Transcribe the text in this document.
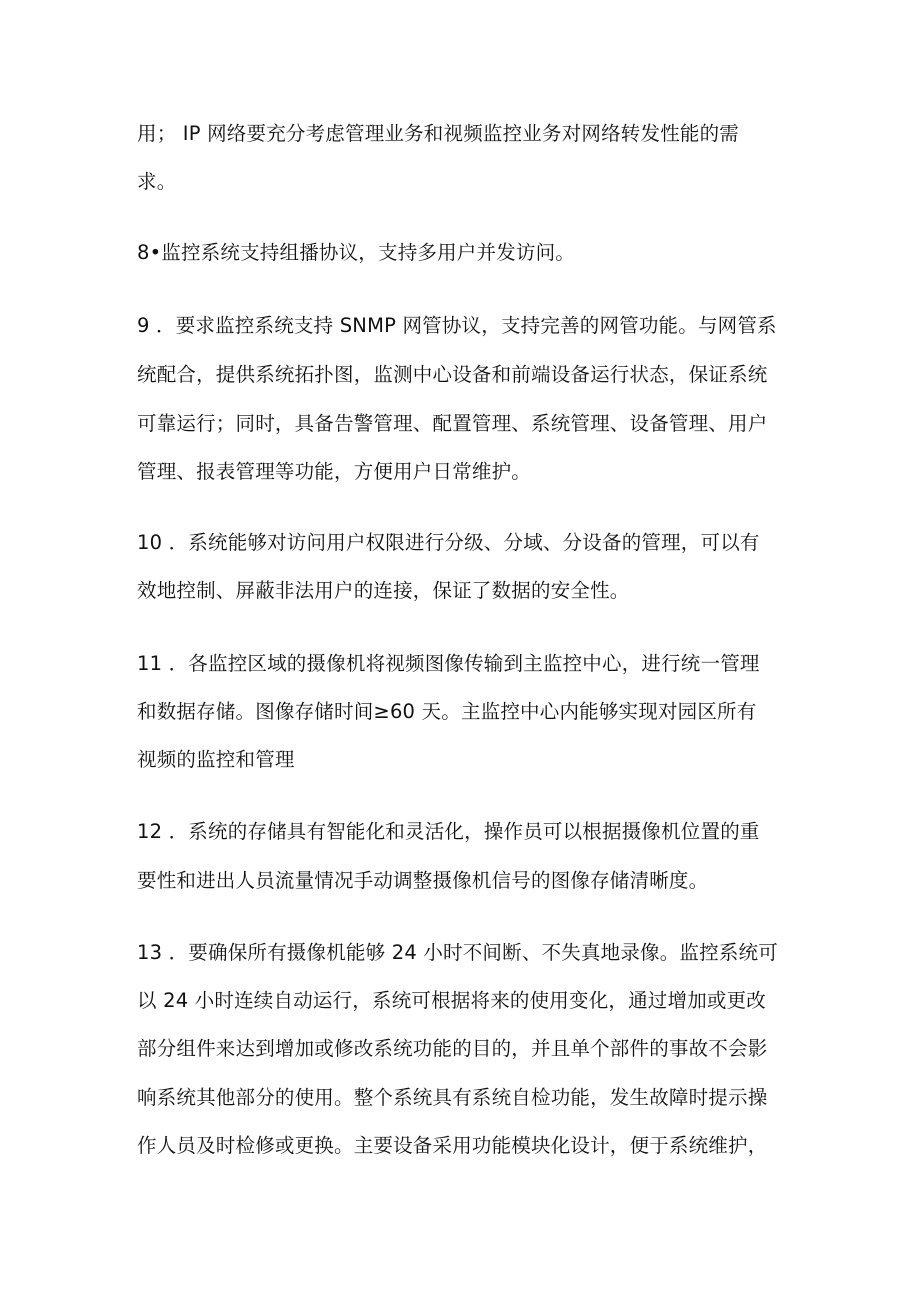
用； IP 网络要充分考虑管理业务和视频监控业务对网络转发性能的需
求。
8•监控系统支持组播协议，支持多用户并发访问。
9 ．要求监控系统支持 SNMP 网管协议，支持完善的网管功能。与网管系
统配合，提供系统拓扑图，监测中心设备和前端设备运行状态，保证系统
可靠运行；同时，具备告警管理、配置管理、系统管理、设备管理、用户
管理、报表管理等功能，方便用户日常维护。
10 ．系统能够对访问用户权限进行分级、分域、分设备的管理，可以有
效地控制、屏蔽非法用户的连接，保证了数据的安全性。
11 ．各监控区域的摄像机将视频图像传输到主监控中心，进行统一管理
和数据存储。图像存储时间≥60 天。主监控中心内能够实现对园区所有
视频的监控和管理
12 ．系统的存储具有智能化和灵活化，操作员可以根据摄像机位置的重
要性和进出人员流量情况手动调整摄像机信号的图像存储清晰度。
13 ．要确保所有摄像机能够 24 小时不间断、不失真地录像。监控系统可
以 24 小时连续自动运行，系统可根据将来的使用变化，通过增加或更改
部分组件来达到增加或修改系统功能的目的，并且单个部件的事故不会影
响系统其他部分的使用。整个系统具有系统自检功能，发生故障时提示操
作人员及时检修或更换。主要设备采用功能模块化设计，便于系统维护，
